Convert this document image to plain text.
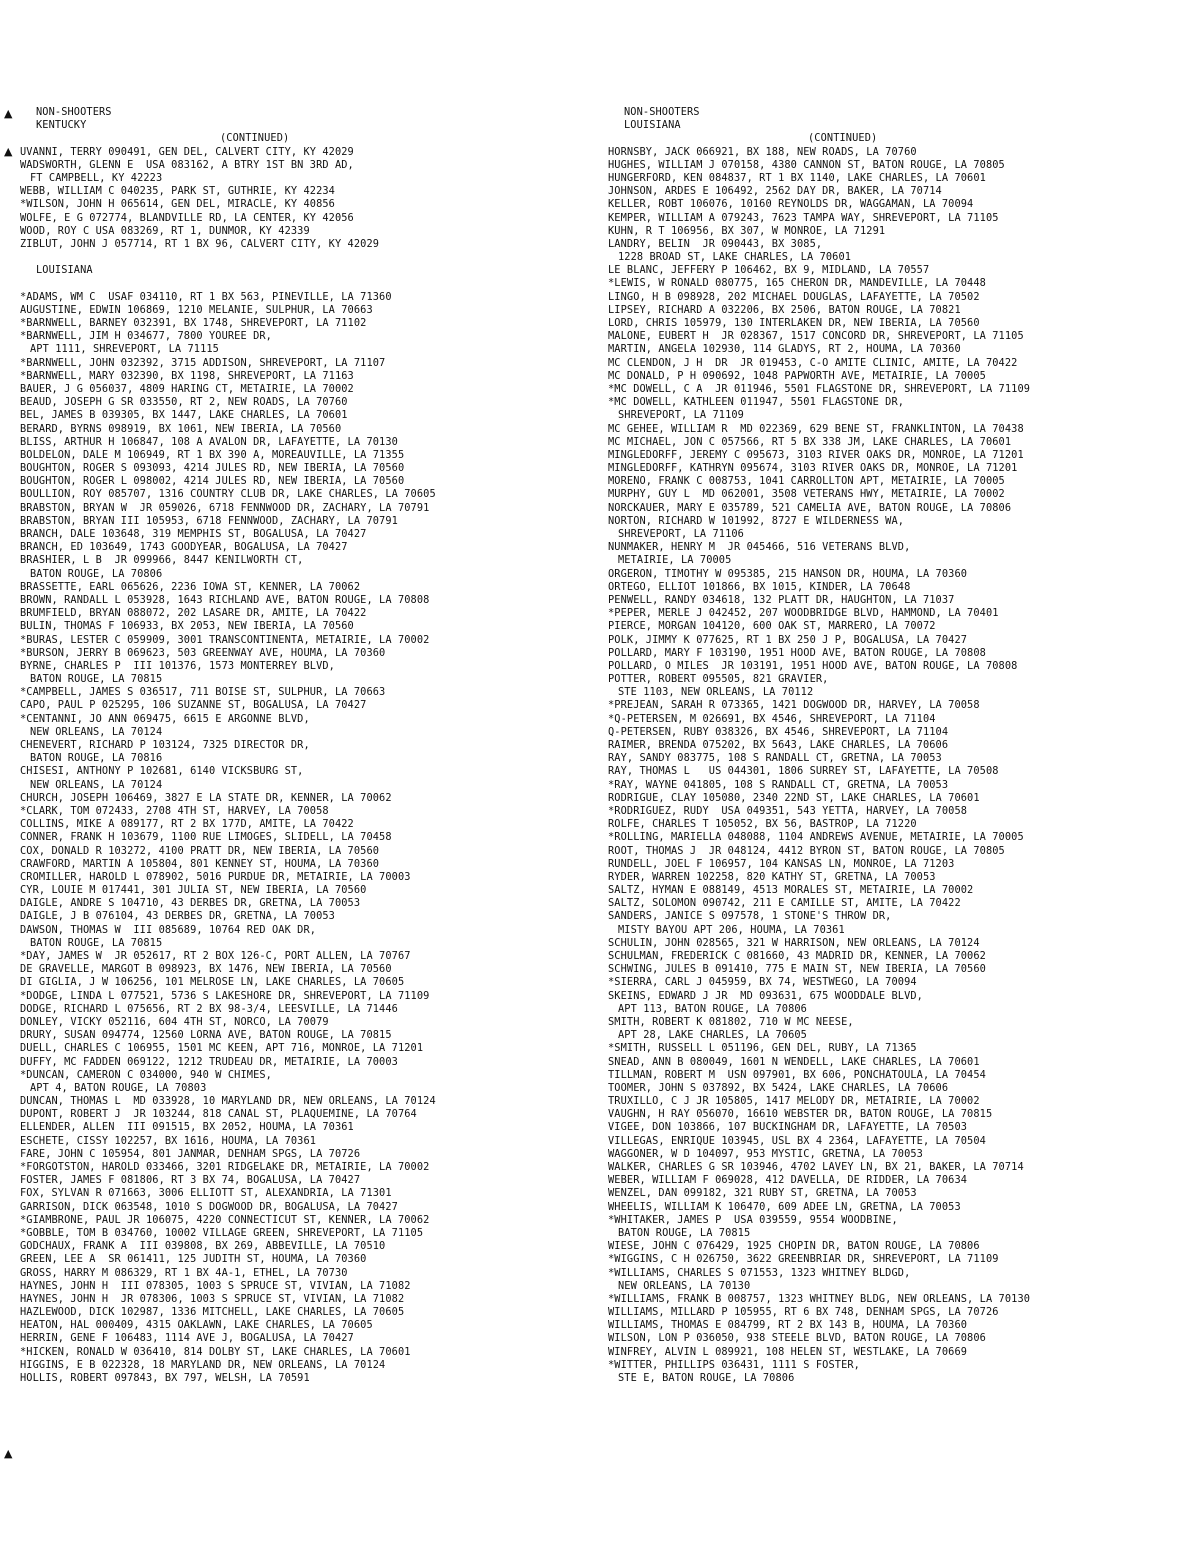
▲
▲
▲
NON-SHOOTERS
KENTUCKY
(CONTINUED)
UVANNI, TERRY 090491, GEN DEL, CALVERT CITY, KY 42029
WADSWORTH, GLENN E  USA 083162, A BTRY 1ST BN 3RD AD,
FT CAMPBELL, KY 42223
WEBB, WILLIAM C 040235, PARK ST, GUTHRIE, KY 42234
*WILSON, JOHN H 065614, GEN DEL, MIRACLE, KY 40856
WOLFE, E G 072774, BLANDVILLE RD, LA CENTER, KY 42056
WOOD, ROY C USA 083269, RT 1, DUNMOR, KY 42339
ZIBLUT, JOHN J 057714, RT 1 BX 96, CALVERT CITY, KY 42029
LOUISIANA
*ADAMS, WM C  USAF 034110, RT 1 BX 563, PINEVILLE, LA 71360
AUGUSTINE, EDWIN 106869, 1210 MELANIE, SULPHUR, LA 70663
*BARNWELL, BARNEY 032391, BX 1748, SHREVEPORT, LA 71102
*BARNWELL, JIM H 034677, 7800 YOUREE DR,
APT 1111, SHREVEPORT, LA 71115
*BARNWELL, JOHN 032392, 3715 ADDISON, SHREVEPORT, LA 71107
*BARNWELL, MARY 032390, BX 1198, SHREVEPORT, LA 71163
BAUER, J G 056037, 4809 HARING CT, METAIRIE, LA 70002
BEAUD, JOSEPH G SR 033550, RT 2, NEW ROADS, LA 70760
BEL, JAMES B 039305, BX 1447, LAKE CHARLES, LA 70601
BERARD, BYRNS 098919, BX 1061, NEW IBERIA, LA 70560
BLISS, ARTHUR H 106847, 108 A AVALON DR, LAFAYETTE, LA 70130
BOLDELON, DALE M 106949, RT 1 BX 390 A, MOREAUVILLE, LA 71355
BOUGHTON, ROGER S 093093, 4214 JULES RD, NEW IBERIA, LA 70560
BOUGHTON, ROGER L 098002, 4214 JULES RD, NEW IBERIA, LA 70560
BOULLION, ROY 085707, 1316 COUNTRY CLUB DR, LAKE CHARLES, LA 70605
BRABSTON, BRYAN W  JR 059026, 6718 FENNWOOD DR, ZACHARY, LA 70791
BRABSTON, BRYAN III 105953, 6718 FENNWOOD, ZACHARY, LA 70791
BRANCH, DALE 103648, 319 MEMPHIS ST, BOGALUSA, LA 70427
BRANCH, ED 103649, 1743 GOODYEAR, BOGALUSA, LA 70427
BRASHIER, L B  JR 099966, 8447 KENILWORTH CT,
BATON ROUGE, LA 70806
BRASSETTE, EARL 065626, 2236 IOWA ST, KENNER, LA 70062
BROWN, RANDALL L 053928, 1643 RICHLAND AVE, BATON ROUGE, LA 70808
BRUMFIELD, BRYAN 088072, 202 LASARE DR, AMITE, LA 70422
BULIN, THOMAS F 106933, BX 2053, NEW IBERIA, LA 70560
*BURAS, LESTER C 059909, 3001 TRANSCONTINENTA, METAIRIE, LA 70002
*BURSON, JERRY B 069623, 503 GREENWAY AVE, HOUMA, LA 70360
BYRNE, CHARLES P  III 101376, 1573 MONTERREY BLVD,
BATON ROUGE, LA 70815
*CAMPBELL, JAMES S 036517, 711 BOISE ST, SULPHUR, LA 70663
CAPO, PAUL P 025295, 106 SUZANNE ST, BOGALUSA, LA 70427
*CENTANNI, JO ANN 069475, 6615 E ARGONNE BLVD,
NEW ORLEANS, LA 70124
CHENEVERT, RICHARD P 103124, 7325 DIRECTOR DR,
BATON ROUGE, LA 70816
CHISESI, ANTHONY P 102681, 6140 VICKSBURG ST,
NEW ORLEANS, LA 70124
CHURCH, JOSEPH 106469, 3827 E LA STATE DR, KENNER, LA 70062
*CLARK, TOM 072433, 2708 4TH ST, HARVEY, LA 70058
COLLINS, MIKE A 089177, RT 2 BX 177D, AMITE, LA 70422
CONNER, FRANK H 103679, 1100 RUE LIMOGES, SLIDELL, LA 70458
COX, DONALD R 103272, 4100 PRATT DR, NEW IBERIA, LA 70560
CRAWFORD, MARTIN A 105804, 801 KENNEY ST, HOUMA, LA 70360
CROMILLER, HAROLD L 078902, 5016 PURDUE DR, METAIRIE, LA 70003
CYR, LOUIE M 017441, 301 JULIA ST, NEW IBERIA, LA 70560
DAIGLE, ANDRE S 104710, 43 DERBES DR, GRETNA, LA 70053
DAIGLE, J B 076104, 43 DERBES DR, GRETNA, LA 70053
DAWSON, THOMAS W  III 085689, 10764 RED OAK DR,
BATON ROUGE, LA 70815
*DAY, JAMES W  JR 052617, RT 2 BOX 126-C, PORT ALLEN, LA 70767
DE GRAVELLE, MARGOT B 098923, BX 1476, NEW IBERIA, LA 70560
DI GIGLIA, J W 106256, 101 MELROSE LN, LAKE CHARLES, LA 70605
*DODGE, LINDA L 077521, 5736 S LAKESHORE DR, SHREVEPORT, LA 71109
DODGE, RICHARD L 075656, RT 2 BX 98-3/4, LEESVILLE, LA 71446
DONLEY, VICKY 052116, 604 4TH ST, NORCO, LA 70079
DRURY, SUSAN 094774, 12560 LORNA AVE, BATON ROUGE, LA 70815
DUELL, CHARLES C 106955, 1501 MC KEEN, APT 716, MONROE, LA 71201
DUFFY, MC FADDEN 069122, 1212 TRUDEAU DR, METAIRIE, LA 70003
*DUNCAN, CAMERON C 034000, 940 W CHIMES,
APT 4, BATON ROUGE, LA 70803
DUNCAN, THOMAS L  MD 033928, 10 MARYLAND DR, NEW ORLEANS, LA 70124
DUPONT, ROBERT J  JR 103244, 818 CANAL ST, PLAQUEMINE, LA 70764
ELLENDER, ALLEN  III 091515, BX 2052, HOUMA, LA 70361
ESCHETE, CISSY 102257, BX 1616, HOUMA, LA 70361
FARE, JOHN C 105954, 801 JANMAR, DENHAM SPGS, LA 70726
*FORGOTSTON, HAROLD 033466, 3201 RIDGELAKE DR, METAIRIE, LA 70002
FOSTER, JAMES F 081806, RT 3 BX 74, BOGALUSA, LA 70427
FOX, SYLVAN R 071663, 3006 ELLIOTT ST, ALEXANDRIA, LA 71301
GARRISON, DICK 063548, 1010 S DOGWOOD DR, BOGALUSA, LA 70427
*GIAMBRONE, PAUL JR 106075, 4220 CONNECTICUT ST, KENNER, LA 70062
*GOBBLE, TOM B 034760, 10002 VILLAGE GREEN, SHREVEPORT, LA 71105
GODCHAUX, FRANK A  III 039808, BX 269, ABBEVILLE, LA 70510
GREEN, LEE A  SR 061411, 125 JUDITH ST, HOUMA, LA 70360
GROSS, HARRY M 086329, RT 1 BX 4A-1, ETHEL, LA 70730
HAYNES, JOHN H  III 078305, 1003 S SPRUCE ST, VIVIAN, LA 71082
HAYNES, JOHN H  JR 078306, 1003 S SPRUCE ST, VIVIAN, LA 71082
HAZLEWOOD, DICK 102987, 1336 MITCHELL, LAKE CHARLES, LA 70605
HEATON, HAL 000409, 4315 OAKLAWN, LAKE CHARLES, LA 70605
HERRIN, GENE F 106483, 1114 AVE J, BOGALUSA, LA 70427
*HICKEN, RONALD W 036410, 814 DOLBY ST, LAKE CHARLES, LA 70601
HIGGINS, E B 022328, 18 MARYLAND DR, NEW ORLEANS, LA 70124
HOLLIS, ROBERT 097843, BX 797, WELSH, LA 70591
NON-SHOOTERS
LOUISIANA
(CONTINUED)
HORNSBY, JACK 066921, BX 188, NEW ROADS, LA 70760
HUGHES, WILLIAM J 070158, 4380 CANNON ST, BATON ROUGE, LA 70805
HUNGERFORD, KEN 084837, RT 1 BX 1140, LAKE CHARLES, LA 70601
JOHNSON, ARDES E 106492, 2562 DAY DR, BAKER, LA 70714
KELLER, ROBT 106076, 10160 REYNOLDS DR, WAGGAMAN, LA 70094
KEMPER, WILLIAM A 079243, 7623 TAMPA WAY, SHREVEPORT, LA 71105
KUHN, R T 106956, BX 307, W MONROE, LA 71291
LANDRY, BELIN  JR 090443, BX 3085,
1228 BROAD ST, LAKE CHARLES, LA 70601
LE BLANC, JEFFERY P 106462, BX 9, MIDLAND, LA 70557
*LEWIS, W RONALD 080775, 165 CHERON DR, MANDEVILLE, LA 70448
LINGO, H B 098928, 202 MICHAEL DOUGLAS, LAFAYETTE, LA 70502
LIPSEY, RICHARD A 032206, BX 2506, BATON ROUGE, LA 70821
LORD, CHRIS 105979, 130 INTERLAKEN DR, NEW IBERIA, LA 70560
MALONE, EUBERT H  JR 028367, 1517 CONCORD DR, SHREVEPORT, LA 71105
MARTIN, ANGELA 102930, 114 GLADYS, RT 2, HOUMA, LA 70360
MC CLENDON, J H  DR  JR 019453, C-O AMITE CLINIC, AMITE, LA 70422
MC DONALD, P H 090692, 1048 PAPWORTH AVE, METAIRIE, LA 70005
*MC DOWELL, C A  JR 011946, 5501 FLAGSTONE DR, SHREVEPORT, LA 71109
*MC DOWELL, KATHLEEN 011947, 5501 FLAGSTONE DR,
SHREVEPORT, LA 71109
MC GEHEE, WILLIAM R  MD 022369, 629 BENE ST, FRANKLINTON, LA 70438
MC MICHAEL, JON C 057566, RT 5 BX 338 JM, LAKE CHARLES, LA 70601
MINGLEDORFF, JEREMY C 095673, 3103 RIVER OAKS DR, MONROE, LA 71201
MINGLEDORFF, KATHRYN 095674, 3103 RIVER OAKS DR, MONROE, LA 71201
MORENO, FRANK C 008753, 1041 CARROLLTON APT, METAIRIE, LA 70005
MURPHY, GUY L  MD 062001, 3508 VETERANS HWY, METAIRIE, LA 70002
NORCKAUER, MARY E 035789, 521 CAMELIA AVE, BATON ROUGE, LA 70806
NORTON, RICHARD W 101992, 8727 E WILDERNESS WA,
SHREVEPORT, LA 71106
NUNMAKER, HENRY M  JR 045466, 516 VETERANS BLVD,
METAIRIE, LA 70005
ORGERON, TIMOTHY W 095385, 215 HANSON DR, HOUMA, LA 70360
ORTEGO, ELLIOT 101866, BX 1015, KINDER, LA 70648
PENWELL, RANDY 034618, 132 PLATT DR, HAUGHTON, LA 71037
*PEPER, MERLE J 042452, 207 WOODBRIDGE BLVD, HAMMOND, LA 70401
PIERCE, MORGAN 104120, 600 OAK ST, MARRERO, LA 70072
POLK, JIMMY K 077625, RT 1 BX 250 J P, BOGALUSA, LA 70427
POLLARD, MARY F 103190, 1951 HOOD AVE, BATON ROUGE, LA 70808
POLLARD, O MILES  JR 103191, 1951 HOOD AVE, BATON ROUGE, LA 70808
POTTER, ROBERT 095505, 821 GRAVIER,
STE 1103, NEW ORLEANS, LA 70112
*PREJEAN, SARAH R 073365, 1421 DOGWOOD DR, HARVEY, LA 70058
*Q-PETERSEN, M 026691, BX 4546, SHREVEPORT, LA 71104
Q-PETERSEN, RUBY 038326, BX 4546, SHREVEPORT, LA 71104
RAIMER, BRENDA 075202, BX 5643, LAKE CHARLES, LA 70606
RAY, SANDY 083775, 108 S RANDALL CT, GRETNA, LA 70053
RAY, THOMAS L   US 044301, 1806 SURREY ST, LAFAYETTE, LA 70508
*RAY, WAYNE 041805, 108 S RANDALL CT, GRETNA, LA 70053
RODRIGUE, CLAY 105080, 2340 22ND ST, LAKE CHARLES, LA 70601
*RODRIGUEZ, RUDY  USA 049351, 543 YETTA, HARVEY, LA 70058
ROLFE, CHARLES T 105052, BX 56, BASTROP, LA 71220
*ROLLING, MARIELLA 048088, 1104 ANDREWS AVENUE, METAIRIE, LA 70005
ROOT, THOMAS J  JR 048124, 4412 BYRON ST, BATON ROUGE, LA 70805
RUNDELL, JOEL F 106957, 104 KANSAS LN, MONROE, LA 71203
RYDER, WARREN 102258, 820 KATHY ST, GRETNA, LA 70053
SALTZ, HYMAN E 088149, 4513 MORALES ST, METAIRIE, LA 70002
SALTZ, SOLOMON 090742, 211 E CAMILLE ST, AMITE, LA 70422
SANDERS, JANICE S 097578, 1 STONE'S THROW DR,
MISTY BAYOU APT 206, HOUMA, LA 70361
SCHULIN, JOHN 028565, 321 W HARRISON, NEW ORLEANS, LA 70124
SCHULMAN, FREDERICK C 081660, 43 MADRID DR, KENNER, LA 70062
SCHWING, JULES B 091410, 775 E MAIN ST, NEW IBERIA, LA 70560
*SIERRA, CARL J 045959, BX 74, WESTWEGO, LA 70094
SKEINS, EDWARD J JR  MD 093631, 675 WOODDALE BLVD,
APT 113, BATON ROUGE, LA 70806
SMITH, ROBERT K 081802, 710 W MC NEESE,
APT 28, LAKE CHARLES, LA 70605
*SMITH, RUSSELL L 051196, GEN DEL, RUBY, LA 71365
SNEAD, ANN B 080049, 1601 N WENDELL, LAKE CHARLES, LA 70601
TILLMAN, ROBERT M  USN 097901, BX 606, PONCHATOULA, LA 70454
TOOMER, JOHN S 037892, BX 5424, LAKE CHARLES, LA 70606
TRUXILLO, C J JR 105805, 1417 MELODY DR, METAIRIE, LA 70002
VAUGHN, H RAY 056070, 16610 WEBSTER DR, BATON ROUGE, LA 70815
VIGEE, DON 103866, 107 BUCKINGHAM DR, LAFAYETTE, LA 70503
VILLEGAS, ENRIQUE 103945, USL BX 4 2364, LAFAYETTE, LA 70504
WAGGONER, W D 104097, 953 MYSTIC, GRETNA, LA 70053
WALKER, CHARLES G SR 103946, 4702 LAVEY LN, BX 21, BAKER, LA 70714
WEBER, WILLIAM F 069028, 412 DAVELLA, DE RIDDER, LA 70634
WENZEL, DAN 099182, 321 RUBY ST, GRETNA, LA 70053
WHEELIS, WILLIAM K 106470, 609 ADEE LN, GRETNA, LA 70053
*WHITAKER, JAMES P  USA 039559, 9554 WOODBINE,
BATON ROUGE, LA 70815
WIESE, JOHN C 076429, 1925 CHOPIN DR, BATON ROUGE, LA 70806
*WIGGINS, C H 026750, 3622 GREENBRIAR DR, SHREVEPORT, LA 71109
*WILLIAMS, CHARLES S 071553, 1323 WHITNEY BLDGD,
NEW ORLEANS, LA 70130
*WILLIAMS, FRANK B 008757, 1323 WHITNEY BLDG, NEW ORLEANS, LA 70130
WILLIAMS, MILLARD P 105955, RT 6 BX 748, DENHAM SPGS, LA 70726
WILLIAMS, THOMAS E 084799, RT 2 BX 143 B, HOUMA, LA 70360
WILSON, LON P 036050, 938 STEELE BLVD, BATON ROUGE, LA 70806
WINFREY, ALVIN L 089921, 108 HELEN ST, WESTLAKE, LA 70669
*WITTER, PHILLIPS 036431, 1111 S FOSTER,
STE E, BATON ROUGE, LA 70806
